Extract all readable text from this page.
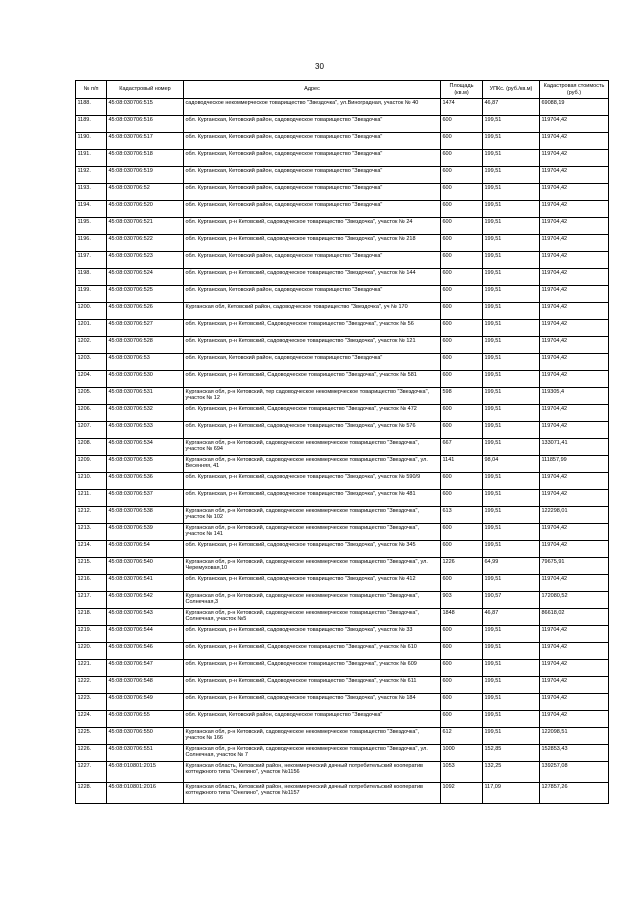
30
№ п/п	Кадастровый номер	Адрес	Площадь (кв.м)	УПКс. (руб./кв.м)	Кадастровая стоимость (руб.)
1188.	45:08:030706:515	садоводческое некоммерческое товарищество "Звездочка", ул.Виноградная, участок № 40	1474	46,87	69088,19
1189.	45:08:030706:516	обл. Курганская, Кетовский район, садоводческое товарищество "Звездочка"	600	199,51	119704,42
1190.	45:08:030706:517	обл. Курганская, Кетовский район, садоводческое товарищество "Звездочка"	600	199,51	119704,42
1191.	45:08:030706:518	обл. Курганская, Кетовский район, садоводческое товарищество "Звездочка"	600	199,51	119704,42
1192.	45:08:030706:519	обл. Курганская, Кетовский район, садоводческое товарищество "Звездочка"	600	199,51	119704,42
1193.	45:08:030706:52	обл. Курганская, Кетовский район, садоводческое товарищество "Звездочка"	600	199,51	119704,42
1194.	45:08:030706:520	обл. Курганская, Кетовский район, садоводческое товарищество "Звездочка"	600	199,51	119704,42
1195.	45:08:030706:521	обл. Курганская, р-н Кетовский, садоводческое товарищество "Звездочка", участок № 24	600	199,51	119704,42
1196.	45:08:030706:522	обл. Курганская, р-н Кетовский, садоводческое товарищество "Звездочка", участок № 218	600	199,51	119704,42
1197.	45:08:030706:523	обл. Курганская, Кетовский район, садоводческое товарищество "Звездочка"	600	199,51	119704,42
1198.	45:08:030706:524	обл. Курганская, р-н Кетовский, садоводческое товарищество "Звездочка", участок № 144	600	199,51	119704,42
1199.	45:08:030706:525	обл. Курганская, Кетовский район, садоводческое товарищество "Звездочка"	600	199,51	119704,42
1200.	45:08:030706:526	Курганская обл, Кетовский район, садоводческое товарищество "Звездочка", уч № 170	600	199,51	119704,42
1201.	45:08:030706:527	обл. Курганская, р-н Кетовский, Садоводческое товарищество "Звездочка", участок № 56	600	199,51	119704,42
1202.	45:08:030706:528	обл. Курганская, р-н Кетовский, садоводческое товарищество "Звездочка", участок № 121	600	199,51	119704,42
1203.	45:08:030706:53	обл. Курганская, Кетовский район, садоводческое товарищество "Звездочка"	600	199,51	119704,42
1204.	45:08:030706:530	обл. Курганская, р-н Кетовский, Садоводческое товарищество "Звездочка", участок № 581	600	199,51	119704,42
1205.	45:08:030706:531	Курганская обл, р-н Кетовский, тер садоводческое некоммерческое товарищество "Звездочка", участок № 12	598	199,51	119305,4
1206.	45:08:030706:532	обл. Курганская, р-н Кетовский, Садоводческое товарищество "Звездочка", участок № 472	600	199,51	119704,42
1207.	45:08:030706:533	обл. Курганская, р-н Кетовский, садоводческое товарищество "Звездочка", участок № 576	600	199,51	119704,42
1208.	45:08:030706:534	Курганская обл, р-н Кетовский, садоводческое некоммерческое товарищество "Звездочка", участок № 694	667	199,51	133071,41
1209.	45:08:030706:535	Курганская обл, р-н Кетовский, садоводческое некоммерческое товарищество "Звездочка", ул. Весенняя, 41	1141	98,04	111857,99
1210.	45:08:030706:536	обл. Курганская, р-н Кетовский, садоводческое товарищество "Звездочка", участок № 590/9	600	199,51	119704,42
1211.	45:08:030706:537	обл. Курганская, р-н Кетовский, садоводческое товарищество "Звездочка", участок № 481	600	199,51	119704,42
1212.	45:08:030706:538	Курганская обл, р-н Кетовский, садоводческое некоммерческое товарищество "Звездочка", участок № 102	613	199,51	122298,01
1213.	45:08:030706:539	Курганская обл, р-н Кетовский, садоводческое некоммерческое товарищество "Звездочка", участок № 141	600	199,51	119704,42
1214.	45:08:030706:54	обл. Курганская, р-н Кетовский, садоводческое товарищество "Звездочка", участок № 345	600	199,51	119704,42
1215.	45:08:030706:540	Курганская обл, р-н Кетовский, садоводческое некоммерческое товарищество "Звездочка", ул. Черемуховая,10	1226	64,99	79675,91
1216.	45:08:030706:541	обл. Курганская, р-н Кетовский, садоводческое товарищество "Звездочка", участок № 412	600	199,51	119704,42
1217.	45:08:030706:542	Курганская обл, р-н Кетовский, садоводческое некоммерческое товарищество "Звездочка", Солнечная,3	903	190,57	172080,52
1218.	45:08:030706:543	Курганская обл, р-н Кетовский, садоводческое некоммерческое товарищество "Звездочка", Солнечная, участок №5	1848	46,87	86618,02
1219.	45:08:030706:544	обл. Курганская, р-н Кетовский, садоводческое товарищество "Звездочка", участок № 33	600	199,51	119704,42
1220.	45:08:030706:546	обл. Курганская, р-н Кетовский, Садоводческое товарищество "Звездочка", участок № 610	600	199,51	119704,42
1221.	45:08:030706:547	обл. Курганская, р-н Кетовский, Садоводческое товарищество "Звездочка", участок № 609	600	199,51	119704,42
1222.	45:08:030706:548	обл. Курганская, р-н Кетовский, Садоводческое товарищество "Звездочка", участок № 611	600	199,51	119704,42
1223.	45:08:030706:549	обл. Курганская, р-н Кетовский, садоводческое товарищество "Звездочка", участок № 184	600	199,51	119704,42
1224.	45:08:030706:55	обл. Курганская, Кетовский район, садоводческое товарищество "Звездочка"	600	199,51	119704,42
1225.	45:08:030706:550	Курганская обл, р-н Кетовский, садоводческое некоммерческое товарищество "Звездочка", участок № 166	612	199,51	122098,51
1226.	45:08:030706:551	Курганская обл, р-н Кетовский, садоводческое некоммерческое товарищество "Звездочка", ул. Солнечная, участок № 7	1000	152,85	152853,43
1227.	45:08:010801:2015	Курганская область, Кетовский район, некоммерческий дачный потребительский кооператив коттеджного типа "Онелино", участок №1156	1053	132,25	139257,08
1228.	45:08:010801:2016	Курганская область, Кетовский район, некоммерческий дачный потребительский кооператив коттеджного типа "Онелино", участок №1157	1092	117,09	127857,26
